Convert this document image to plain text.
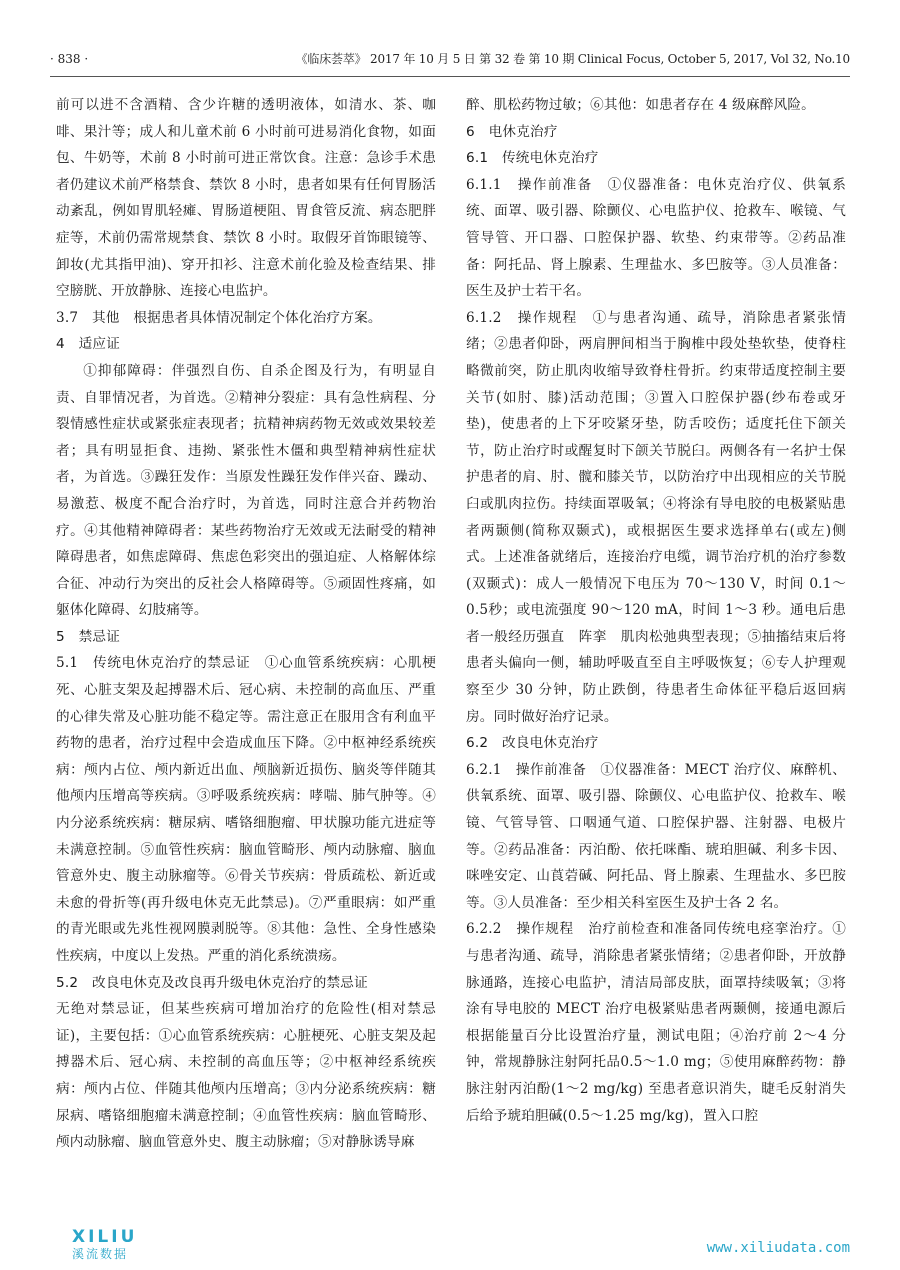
· 838 ·	《临床荟萃》 2017 年 10 月 5 日 第 32 卷 第 10 期 Clinical Focus, October 5, 2017, Vol 32, No.10

前可以进不含酒精、含少许糖的透明液体，如清水、茶、咖啡、果汁等；成人和儿童术前 6 小时前可进易消化食物，如面包、牛奶等，术前 8 小时前可进正常饮食。注意：急诊手术患者仍建议术前严格禁食、禁饮 8 小时，患者如果有任何胃肠活动紊乱，例如胃肌轻瘫、胃肠道梗阻、胃食管反流、病态肥胖症等，术前仍需常规禁食、禁饮 8 小时。取假牙首饰眼镜等、卸妆(尤其指甲油)、穿开扣衫、注意术前化验及检查结果、排空膀胱、开放静脉、连接心电监护。

3.7　其他　根据患者具体情况制定个体化治疗方案。

4　适应证

①抑郁障碍：伴强烈自伤、自杀企图及行为，有明显自责、自罪情况者，为首选。②精神分裂症：具有急性病程、分裂情感性症状或紧张症表现者；抗精神病药物无效或效果较差者；具有明显拒食、违拗、紧张性木僵和典型精神病性症状者，为首选。③躁狂发作：当原发性躁狂发作伴兴奋、躁动、易激惹、极度不配合治疗时，为首选，同时注意合并药物治疗。④其他精神障碍者：某些药物治疗无效或无法耐受的精神障碍患者，如焦虑障碍、焦虑色彩突出的强迫症、人格解体综合征、冲动行为突出的反社会人格障碍等。⑤顽固性疼痛，如躯体化障碍、幻肢痛等。

5　禁忌证

5.1　传统电休克治疗的禁忌证　①心血管系统疾病：心肌梗死、心脏支架及起搏器术后、冠心病、未控制的高血压、严重的心律失常及心脏功能不稳定等。需注意正在服用含有利血平药物的患者，治疗过程中会造成血压下降。②中枢神经系统疾病：颅内占位、颅内新近出血、颅脑新近损伤、脑炎等伴随其他颅内压增高等疾病。③呼吸系统疾病：哮喘、肺气肿等。④内分泌系统疾病：糖尿病、嗜铬细胞瘤、甲状腺功能亢进症等未满意控制。⑤血管性疾病：脑血管畸形、颅内动脉瘤、脑血管意外史、腹主动脉瘤等。⑥骨关节疾病：骨质疏松、新近或未愈的骨折等(再升级电休克无此禁忌)。⑦严重眼病：如严重的青光眼或先兆性视网膜剥脱等。⑧其他：急性、全身性感染性疾病，中度以上发热。严重的消化系统溃疡。

5.2　改良电休克及改良再升级电休克治疗的禁忌证

无绝对禁忌证，但某些疾病可增加治疗的危险性(相对禁忌证)，主要包括：①心血管系统疾病：心脏梗死、心脏支架及起搏器术后、冠心病、未控制的高血压等；②中枢神经系统疾病：颅内占位、伴随其他颅内压增高；③内分泌系统疾病：糖尿病、嗜铬细胞瘤未满意控制；④血管性疾病：脑血管畸形、颅内动脉瘤、脑血管意外史、腹主动脉瘤；⑤对静脉诱导麻

醉、肌松药物过敏；⑥其他：如患者存在 4 级麻醉风险。

6　电休克治疗

6.1　传统电休克治疗

6.1.1　操作前准备　①仪器准备：电休克治疗仪、供氧系统、面罩、吸引器、除颤仪、心电监护仪、抢救车、喉镜、气管导管、开口器、口腔保护器、软垫、约束带等。②药品准备：阿托品、肾上腺素、生理盐水、多巴胺等。③人员准备：医生及护士若干名。

6.1.2　操作规程　①与患者沟通、疏导，消除患者紧张情绪；②患者仰卧，两肩胛间相当于胸椎中段处垫软垫，使脊柱略微前突，防止肌肉收缩导致脊柱骨折。约束带适度控制主要关节(如肘、膝)活动范围；③置入口腔保护器(纱布卷或牙垫)，使患者的上下牙咬紧牙垫，防舌咬伤；适度托住下颌关节，防止治疗时或醒复时下颌关节脱臼。两侧各有一名护士保护患者的肩、肘、髋和膝关节，以防治疗中出现相应的关节脱臼或肌肉拉伤。持续面罩吸氧；④将涂有导电胶的电极紧贴患者两颞侧(简称双颞式)，或根据医生要求选择单右(或左)侧式。上述准备就绪后，连接治疗电缆，调节治疗机的治疗参数(双颞式)：成人一般情况下电压为 70～130 V，时间 0.1～0.5秒；或电流强度 90～120 mA，时间 1～3 秒。通电后患者一般经历强直　阵挛　肌肉松弛典型表现；⑤抽搐结束后将患者头偏向一侧，辅助呼吸直至自主呼吸恢复；⑥专人护理观察至少 30 分钟，防止跌倒，待患者生命体征平稳后返回病房。同时做好治疗记录。

6.2　改良电休克治疗

6.2.1　操作前准备　①仪器准备：MECT 治疗仪、麻醉机、供氧系统、面罩、吸引器、除颤仪、心电监护仪、抢救车、喉镜、气管导管、口咽通气道、口腔保护器、注射器、电极片等。②药品准备：丙泊酚、依托咪酯、琥珀胆碱、利多卡因、咪唑安定、山莨菪碱、阿托品、肾上腺素、生理盐水、多巴胺等。③人员准备：至少相关科室医生及护士各 2 名。

6.2.2　操作规程　治疗前检查和准备同传统电痉挛治疗。①与患者沟通、疏导，消除患者紧张情绪；②患者仰卧，开放静脉通路，连接心电监护，清洁局部皮肤，面罩持续吸氧；③将涂有导电胶的 MECT 治疗电极紧贴患者两颞侧，接通电源后根据能量百分比设置治疗量，测试电阻；④治疗前 2～4 分钟，常规静脉注射阿托品0.5～1.0 mg；⑤使用麻醉药物：静脉注射丙泊酚(1～2 mg/kg) 至患者意识消失，睫毛反射消失后给予琥珀胆碱(0.5～1.25 mg/kg)，置入口腔

XILIU
溪流数据	www.xiliudata.com
